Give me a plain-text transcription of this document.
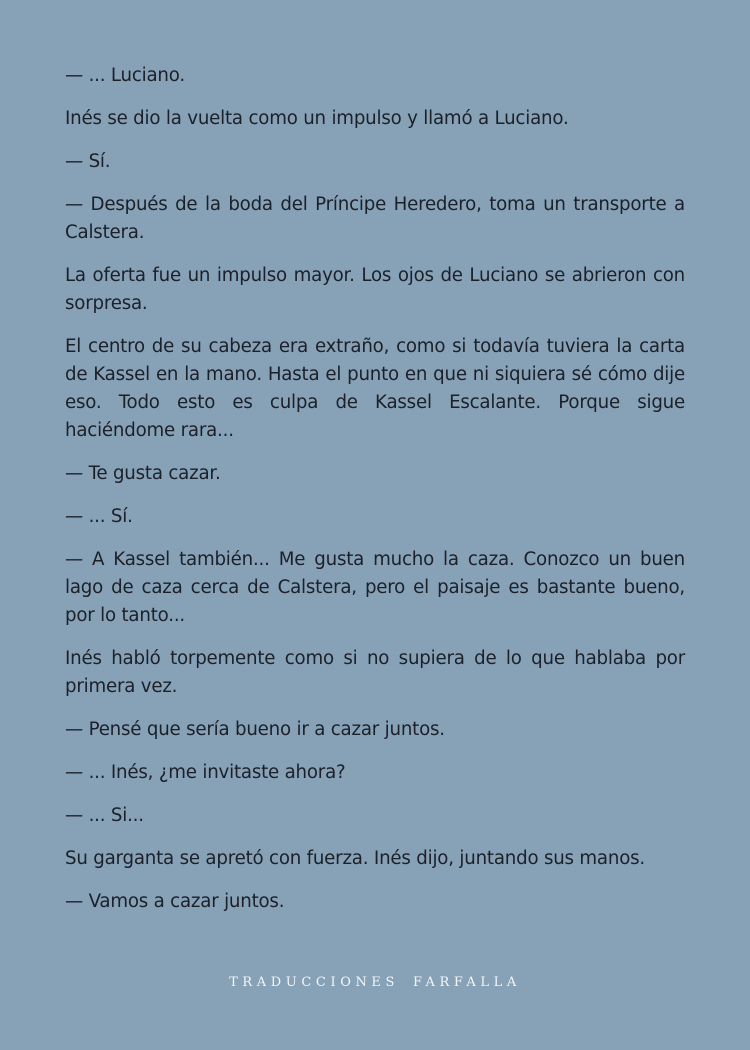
— ... Luciano.

Inés se dio la vuelta como un impulso y llamó a Luciano.

— Sí.

— Después de la boda del Príncipe Heredero, toma un transporte a Calstera.

La oferta fue un impulso mayor. Los ojos de Luciano se abrieron con sorpresa.

El centro de su cabeza era extraño, como si todavía tuviera la carta de Kassel en la mano. Hasta el punto en que ni siquiera sé cómo dije eso. Todo esto es culpa de Kassel Escalante. Porque sigue haciéndome rara...

— Te gusta cazar.

— ... Sí.

— A Kassel también... Me gusta mucho la caza. Conozco un buen lago de caza cerca de Calstera, pero el paisaje es bastante bueno, por lo tanto...

Inés habló torpemente como si no supiera de lo que hablaba por primera vez.

— Pensé que sería bueno ir a cazar juntos.

— ... Inés, ¿me invitaste ahora?

— ... Si...

Su garganta se apretó con fuerza. Inés dijo, juntando sus manos.

— Vamos a cazar juntos.

TRADUCCIONES FARFALLA
